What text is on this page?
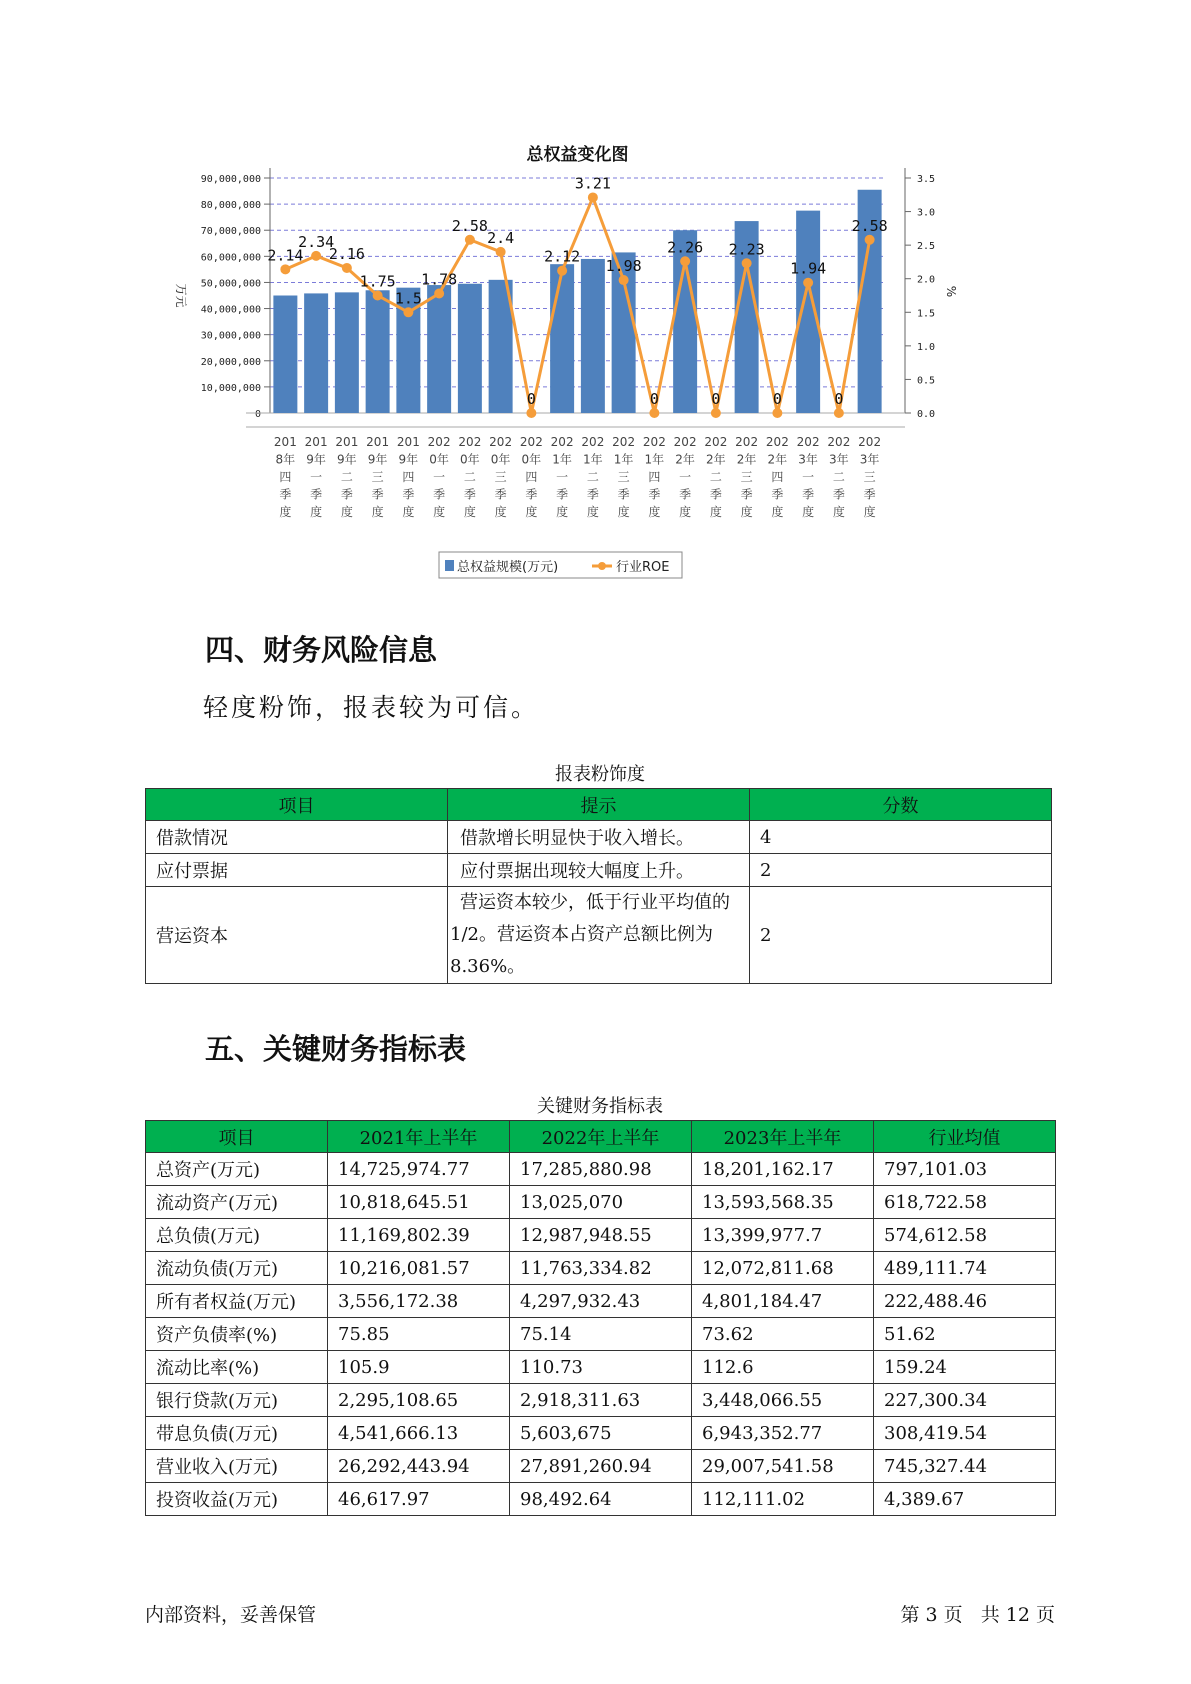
总权益变化图
0
10,000,000
20,000,000
30,000,000
40,000,000
50,000,000
60,000,000
70,000,000
80,000,000
90,000,000
0.0
0.5
1.0
1.5
2.0
2.5
3.0
3.5
万元	%
2.14
2.34
2.16
1.75
1.5
1.78
2.58
2.4
0
2.12
3.21
1.98
0
2.26
0
2.23
0
1.94
0
2.58
201
8年
四
季
度
201
9年
一
季
度
201
9年
二
季
度
201
9年
三
季
度
201
9年
四
季
度
202
0年
一
季
度
202
0年
二
季
度
202
0年
三
季
度
202
0年
四
季
度
202
1年
一
季
度
202
1年
二
季
度
202
1年
三
季
度
202
1年
四
季
度
202
2年
一
季
度
202
2年
二
季
度
202
2年
三
季
度
202
2年
四
季
度
202
3年
一
季
度
202
3年
二
季
度
202
3年
三
季
度
总权益规模(万元)	行业ROE
四、财务风险信息
轻度粉饰，报表较为可信。
报表粉饰度
项目	提示	分数
借款情况	借款增长明显快于收入增长。	4
应付票据	应付票据出现较大幅度上升。	2
营运资本	营运资本较少，低于行业平均值的1/2。营运资本占资产总额比例为8.36%。	2
五、关键财务指标表
关键财务指标表
项目	2021年上半年	2022年上半年	2023年上半年	行业均值
总资产(万元)	14,725,974.77	17,285,880.98	18,201,162.17	797,101.03
流动资产(万元)	10,818,645.51	13,025,070	13,593,568.35	618,722.58
总负债(万元)	11,169,802.39	12,987,948.55	13,399,977.7	574,612.58
流动负债(万元)	10,216,081.57	11,763,334.82	12,072,811.68	489,111.74
所有者权益(万元)	3,556,172.38	4,297,932.43	4,801,184.47	222,488.46
资产负债率(%)	75.85	75.14	73.62	51.62
流动比率(%)	105.9	110.73	112.6	159.24
银行贷款(万元)	2,295,108.65	2,918,311.63	3,448,066.55	227,300.34
带息负债(万元)	4,541,666.13	5,603,675	6,943,352.77	308,419.54
营业收入(万元)	26,292,443.94	27,891,260.94	29,007,541.58	745,327.44
投资收益(万元)	46,617.97	98,492.64	112,111.02	4,389.67
内部资料，妥善保管	第 3 页   共 12 页
